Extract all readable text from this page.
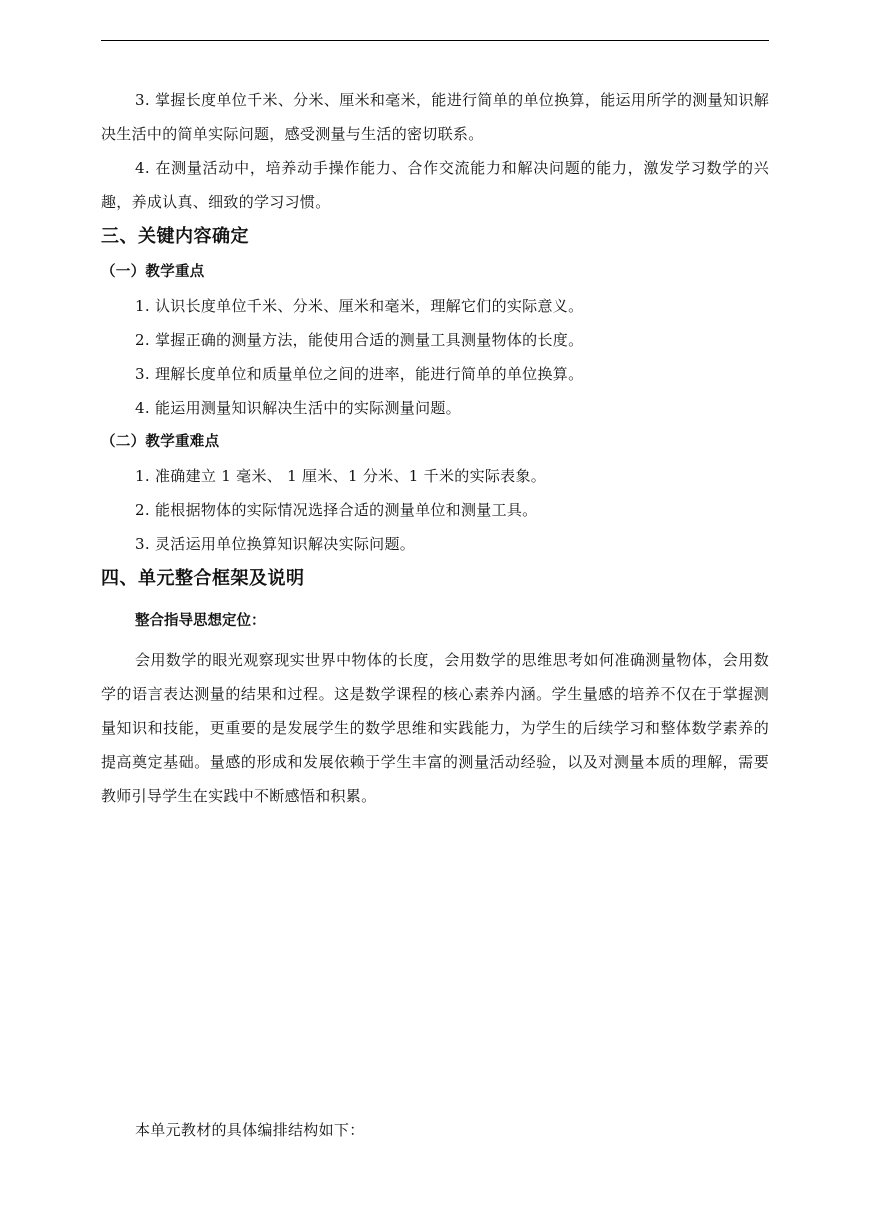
3. 掌握长度单位千米、分米、厘米和毫米，能进行简单的单位换算，能运用所学的测量知识解决生活中的简单实际问题，感受测量与生活的密切联系。

4. 在测量活动中，培养动手操作能力、合作交流能力和解决问题的能力，激发学习数学的兴趣，养成认真、细致的学习习惯。

三、关键内容确定
（一）教学重点

1. 认识长度单位千米、分米、厘米和毫米，理解它们的实际意义。

2. 掌握正确的测量方法，能使用合适的测量工具测量物体的长度。

3. 理解长度单位和质量单位之间的进率，能进行简单的单位换算。

4. 能运用测量知识解决生活中的实际测量问题。

（二）教学重难点

1. 准确建立 1 毫米、 1 厘米、1 分米、1 千米的实际表象。

2. 能根据物体的实际情况选择合适的测量单位和测量工具。

3. 灵活运用单位换算知识解决实际问题。

四、单元整合框架及说明
整合指导思想定位：

会用数学的眼光观察现实世界中物体的长度，会用数学的思维思考如何准确测量物体，会用数学的语言表达测量的结果和过程。这是数学课程的核心素养内涵。学生量感的培养不仅在于掌握测量知识和技能，更重要的是发展学生的数学思维和实践能力，为学生的后续学习和整体数学素养的提高奠定基础。量感的形成和发展依赖于学生丰富的测量活动经验，以及对测量本质的理解，需要教师引导学生在实践中不断感悟和积累。

本单元教材的具体编排结构如下：
